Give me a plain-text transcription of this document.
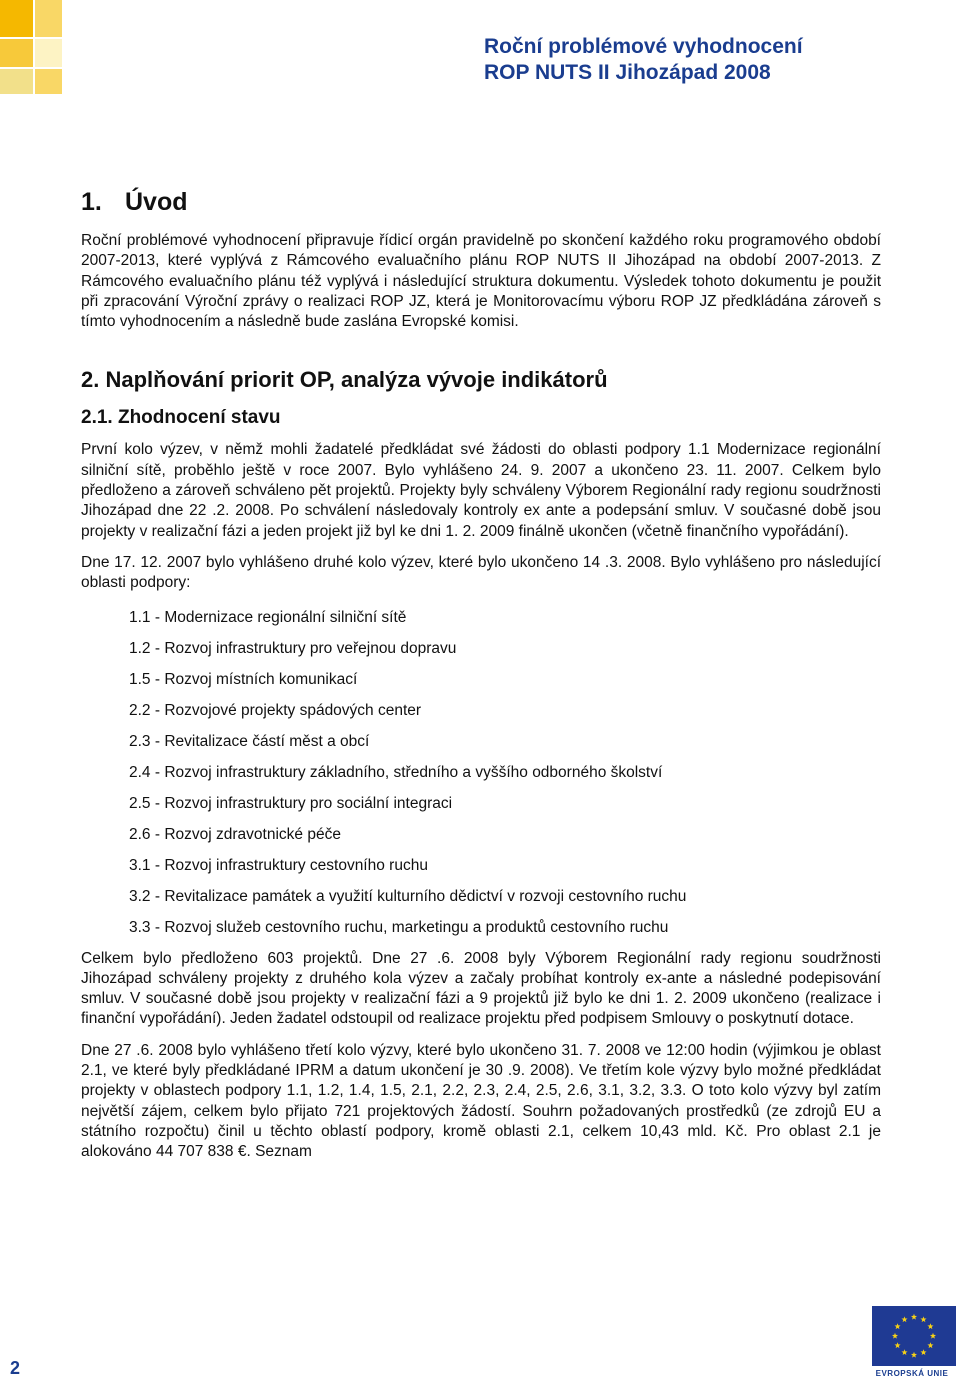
Roční problémové vyhodnocení
ROP NUTS II Jihozápad 2008
1. Úvod

Roční problémové vyhodnocení připravuje řídicí orgán pravidelně po skončení každého roku programového období 2007-2013, které vyplývá z Rámcového evaluačního plánu ROP NUTS II Jihozápad na období 2007-2013. Z Rámcového evaluačního plánu též vyplývá i následující struktura dokumentu. Výsledek tohoto dokumentu je použit při zpracování Výroční zprávy o realizaci ROP JZ, která je Monitorovacímu výboru ROP JZ předkládána zároveň s tímto vyhodnocením a následně bude zaslána Evropské komisi.

2. Naplňování priorit OP, analýza vývoje indikátorů
2.1. Zhodnocení stavu

První kolo výzev, v němž mohli žadatelé předkládat své žádosti do oblasti podpory 1.1 Modernizace regionální silniční sítě, proběhlo ještě v roce 2007. Bylo vyhlášeno 24. 9. 2007 a ukončeno 23. 11. 2007. Celkem bylo předloženo a zároveň schváleno pět projektů. Projekty byly schváleny Výborem Regionální rady regionu soudržnosti Jihozápad dne 22 .2. 2008. Po schválení následovaly kontroly ex ante a podepsání smluv. V současné době jsou projekty v realizační fázi a jeden projekt již byl ke dni 1. 2. 2009 finálně ukončen (včetně finančního vypořádání).

Dne 17. 12. 2007 bylo vyhlášeno druhé kolo výzev, které bylo ukončeno 14 .3. 2008. Bylo vyhlášeno pro následující oblasti podpory:

1.1 - Modernizace regionální silniční sítě
1.2 - Rozvoj infrastruktury pro veřejnou dopravu
1.5 - Rozvoj místních komunikací
2.2 - Rozvojové projekty spádových center
2.3 - Revitalizace částí měst a obcí
2.4 - Rozvoj infrastruktury základního, středního a vyššího odborného školství
2.5 - Rozvoj infrastruktury pro sociální integraci
2.6 - Rozvoj zdravotnické péče
3.1 - Rozvoj infrastruktury cestovního ruchu
3.2 - Revitalizace památek a využití kulturního dědictví v rozvoji cestovního ruchu
3.3 - Rozvoj služeb cestovního ruchu, marketingu a produktů cestovního ruchu

Celkem bylo předloženo 603 projektů. Dne 27 .6. 2008 byly Výborem Regionální rady regionu soudržnosti Jihozápad schváleny projekty z druhého kola výzev a začaly probíhat kontroly ex-ante a následné podepisování smluv. V současné době jsou projekty v realizační fázi a 9 projektů již bylo ke dni 1. 2. 2009 ukončeno (realizace i finanční vypořádání). Jeden žadatel odstoupil od realizace projektu před podpisem Smlouvy o poskytnutí dotace.

Dne 27 .6. 2008 bylo vyhlášeno třetí kolo výzvy, které bylo ukončeno 31. 7. 2008 ve 12:00 hodin (výjimkou je oblast 2.1, ve které byly předkládané IPRM a datum ukončení je 30 .9. 2008). Ve třetím kole výzvy bylo možné předkládat projekty v oblastech podpory 1.1, 1.2, 1.4, 1.5, 2.1, 2.2, 2.3, 2.4, 2.5, 2.6, 3.1, 3.2, 3.3. O toto kolo výzvy byl zatím největší zájem, celkem bylo přijato 721 projektových žádostí. Souhrn požadovaných prostředků (ze zdrojů EU a státního rozpočtu) činil u těchto oblastí podpory, kromě oblasti 2.1, celkem 10,43 mld. Kč. Pro oblast 2.1 je alokováno 44 707 838 €. Seznam

2	EVROPSKÁ UNIE
